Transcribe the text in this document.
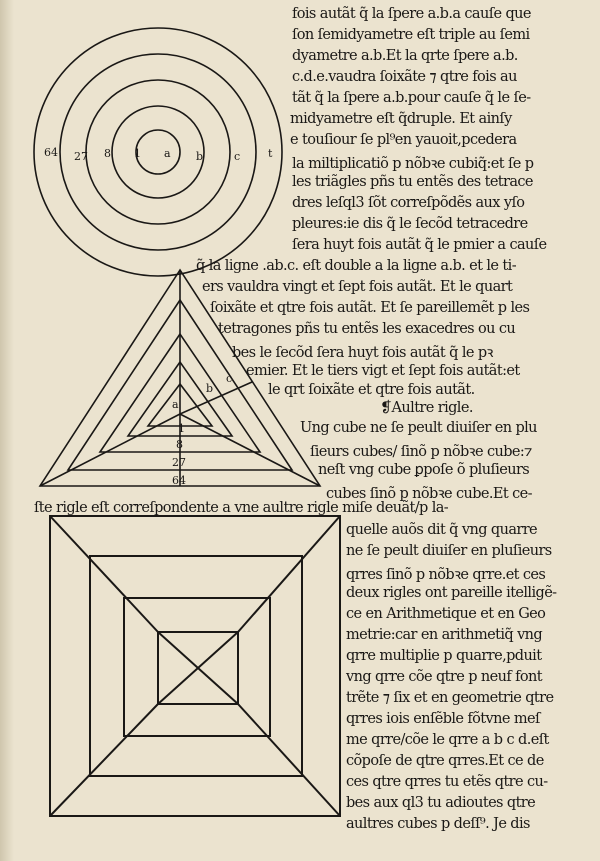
64 27 8 1 a b	c	t
a
b
c
1
8
27
64
fois autãt q̃ la ſpere a.b.a cauſe que
ſon ſemidyametre eſt triple au ſemi
dyametre a.b.Et la qrte ſpere a.b.
c.d.e.vaudra ſoixãte ⁊ qtre fois au
tãt q̃ la ſpere a.b.pour cauſe q̃ le ſe-
midyametre eſt q̃druple. Et ainſy
e touſiour ſe pl⁹en yauoit,pcedera
la miltiplicatiõ p nõbꝛe cubiq̃:et ſe p
les triãgles pñs tu entẽs des tetrace
dres leſql3 ſõt correſpõdẽs aux yſo
pleures:ie dis q̃ le ſecõd tetracedre
ſera huyt fois autãt q̃ le pmier a cauſe
q̃ la ligne .ab.c. eſt double a la ligne a.b. et le ti-
ers vauldra vingt et ſept fois autãt. Et le quart
ſoixãte et qtre fois autãt. Et ſe pareillemẽt p les
tetragones pñs tu entẽs les exacedres ou cu
bes le ſecõd ſera huyt fois autãt q̃ le pꝛ
emier. Et le tiers vigt et ſept fois autãt:et
le qrt ſoixãte et qtre fois autãt.
❡Aultre rigle.
Ung cube ne ſe peult diuiſer en plu
ſieurs cubes/ ſinõ p nõbꝛe cube:⁊
neſt vng cube ꝑpoſe õ pluſieurs
cubes ſinõ p nõbꝛe cube.Et ce-
ſte rigle eſt correſpondente a vne aultre rigle miſe deuãt/p la-
quelle auõs dit q̃ vng quarre
ne ſe peult diuiſer en pluſieurs
qrres ſinõ p nõbꝛe qrre.et ces
deux rigles ont pareille itelligẽ-
ce en Arithmetique et en Geo
metrie:car en arithmetiq̃ vng
qrre multiplie p quarre,pduit
vng qrre cõe qtre p neuf font
trẽte ⁊ ſix et en geometrie qtre
qrres iois enſẽble fõtvne meſ
me qrre/cõe le qrre a b c d.eſt
cõpoſe de qtre qrres.Et ce de
ces qtre qrres tu etẽs qtre cu-
bes aux ql3 tu adioutes qtre
aultres cubes p deſſ⁹. Je dis
